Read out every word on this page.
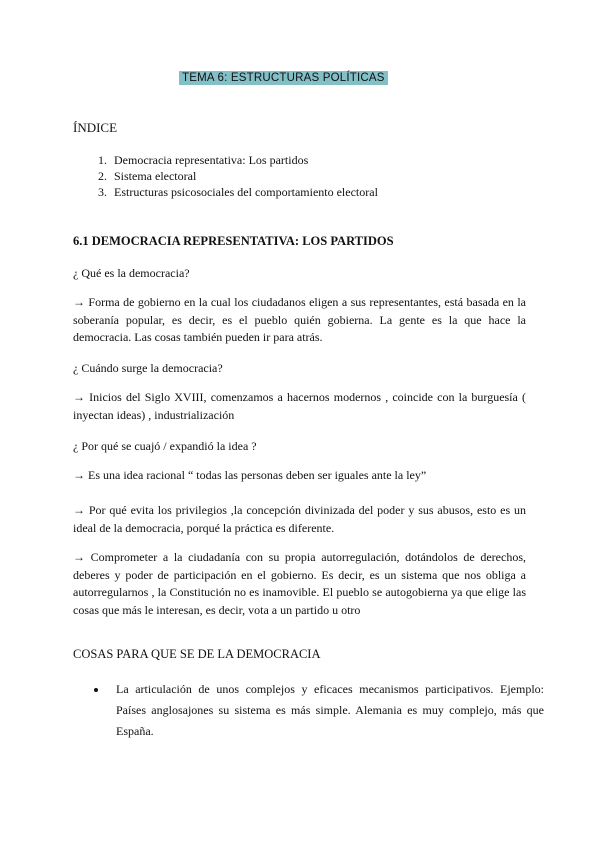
TEMA 6: ESTRUCTURAS POLÍTICAS
ÍNDICE
1. Democracia representativa: Los partidos
2. Sistema electoral
3. Estructuras psicosociales del comportamiento electoral
6.1 DEMOCRACIA REPRESENTATIVA: LOS PARTIDOS
¿ Qué es la democracia?

→ Forma de gobierno en la cual los ciudadanos eligen a sus representantes, está basada en la soberanía popular, es decir, es el pueblo quién gobierna. La gente es la que hace la democracia. Las cosas también pueden ir para atrás.

¿ Cuándo surge la democracia?

→ Inicios del Siglo XVIII, comenzamos a hacernos modernos , coincide con la burguesía ( inyectan ideas) , industrialización

¿ Por qué se cuajó / expandió la idea ?

→ Es una idea racional “ todas las personas deben ser iguales ante la ley”

→ Por qué evita los privilegios ,la concepción divinizada del poder y sus abusos, esto es un ideal de la democracia, porqué la práctica es diferente.

→ Comprometer a la ciudadanía con su propia autorregulación, dotándolos de derechos, deberes y poder de participación en el gobierno. Es decir, es un sistema que nos obliga a autorregularnos , la Constitución no es inamovible. El pueblo se autogobierna ya que elige las cosas que más le interesan, es decir, vota a un partido u otro

COSAS PARA QUE SE DE LA DEMOCRACIA
• La articulación de unos complejos y eficaces mecanismos participativos. Ejemplo: Países anglosajones su sistema es más simple. Alemania es muy complejo, más que España.
